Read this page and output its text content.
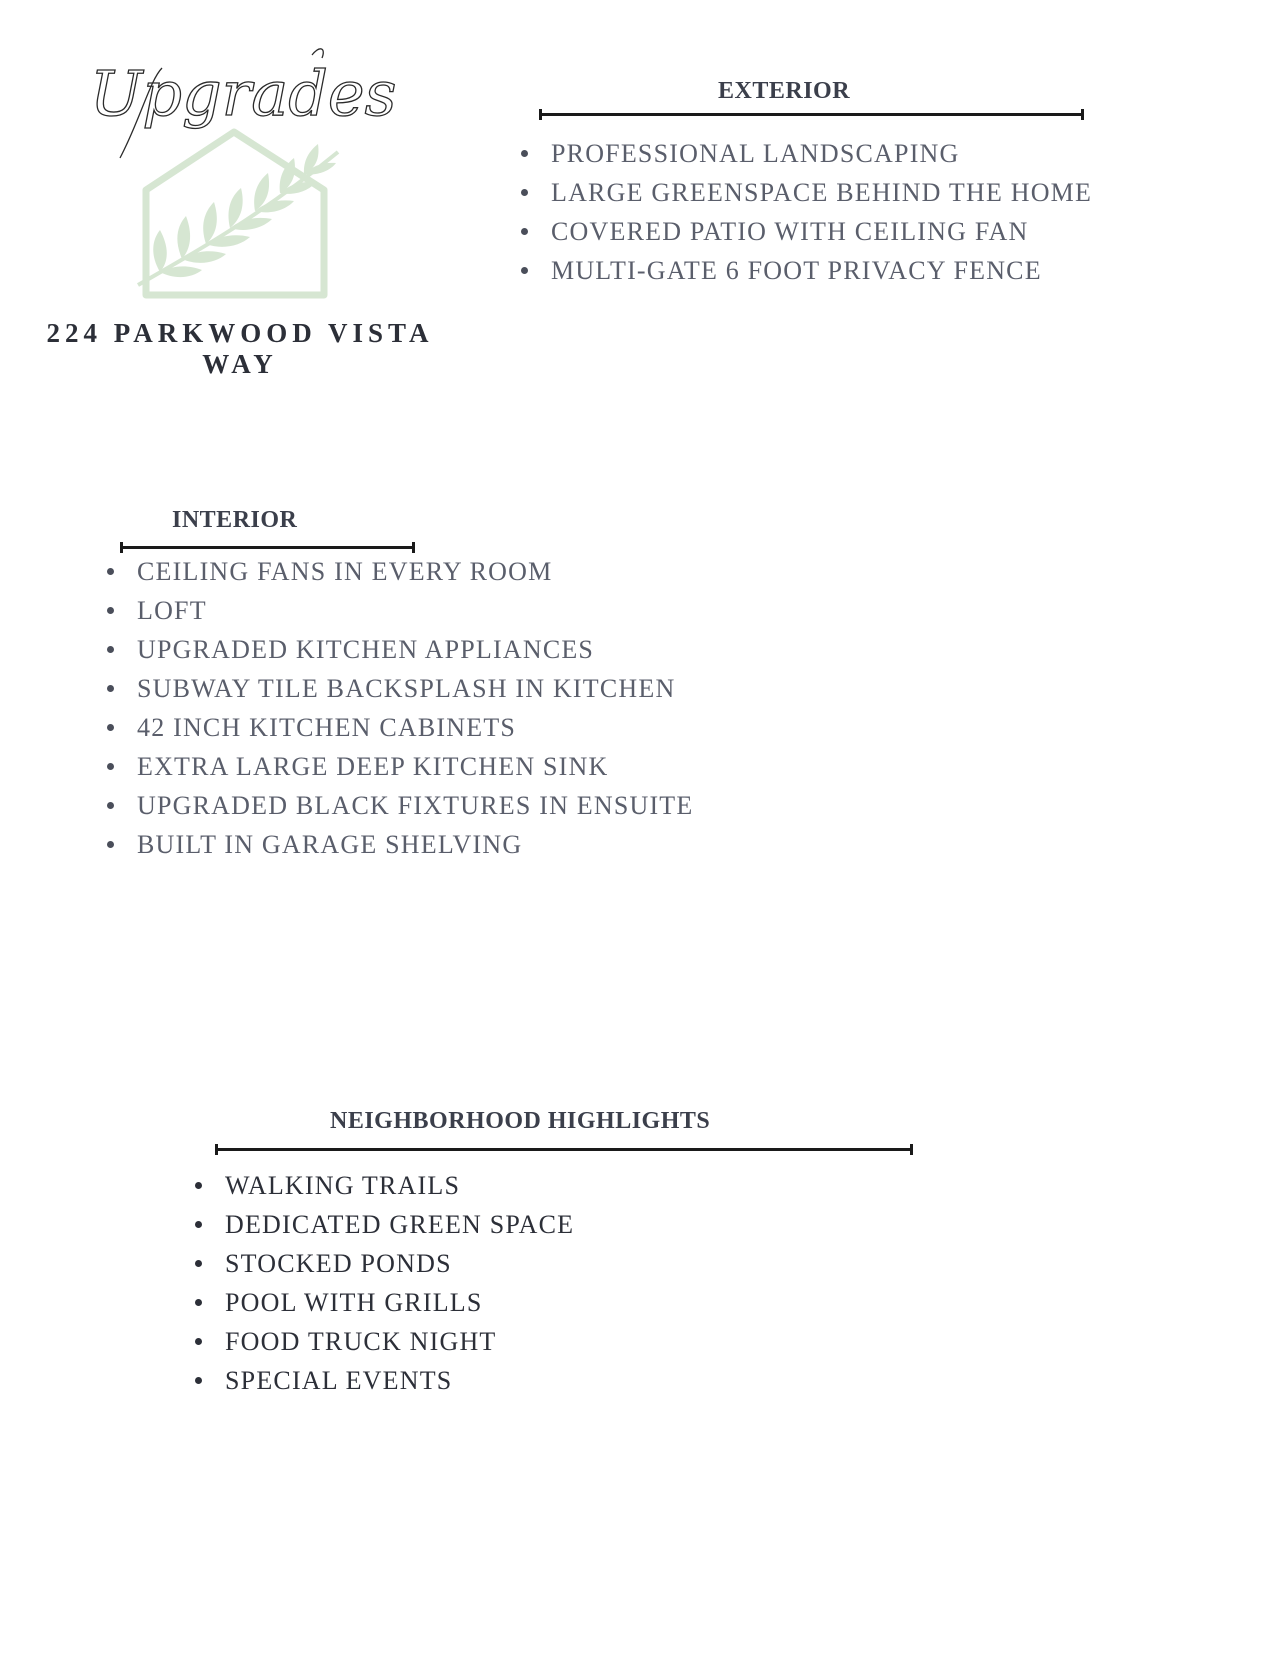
Upgrades
224 PARKWOOD VISTA
WAY
EXTERIOR
PROFESSIONAL LANDSCAPING
LARGE GREENSPACE BEHIND THE HOME
COVERED PATIO WITH CEILING FAN
MULTI-GATE 6 FOOT PRIVACY FENCE
INTERIOR
CEILING FANS IN EVERY ROOM
LOFT
UPGRADED KITCHEN APPLIANCES
SUBWAY TILE BACKSPLASH IN KITCHEN
42 INCH KITCHEN CABINETS
EXTRA LARGE DEEP KITCHEN SINK
UPGRADED BLACK FIXTURES IN ENSUITE
BUILT IN GARAGE SHELVING
NEIGHBORHOOD HIGHLIGHTS
WALKING TRAILS
DEDICATED GREEN SPACE
STOCKED PONDS
POOL WITH GRILLS
FOOD TRUCK NIGHT
SPECIAL EVENTS
